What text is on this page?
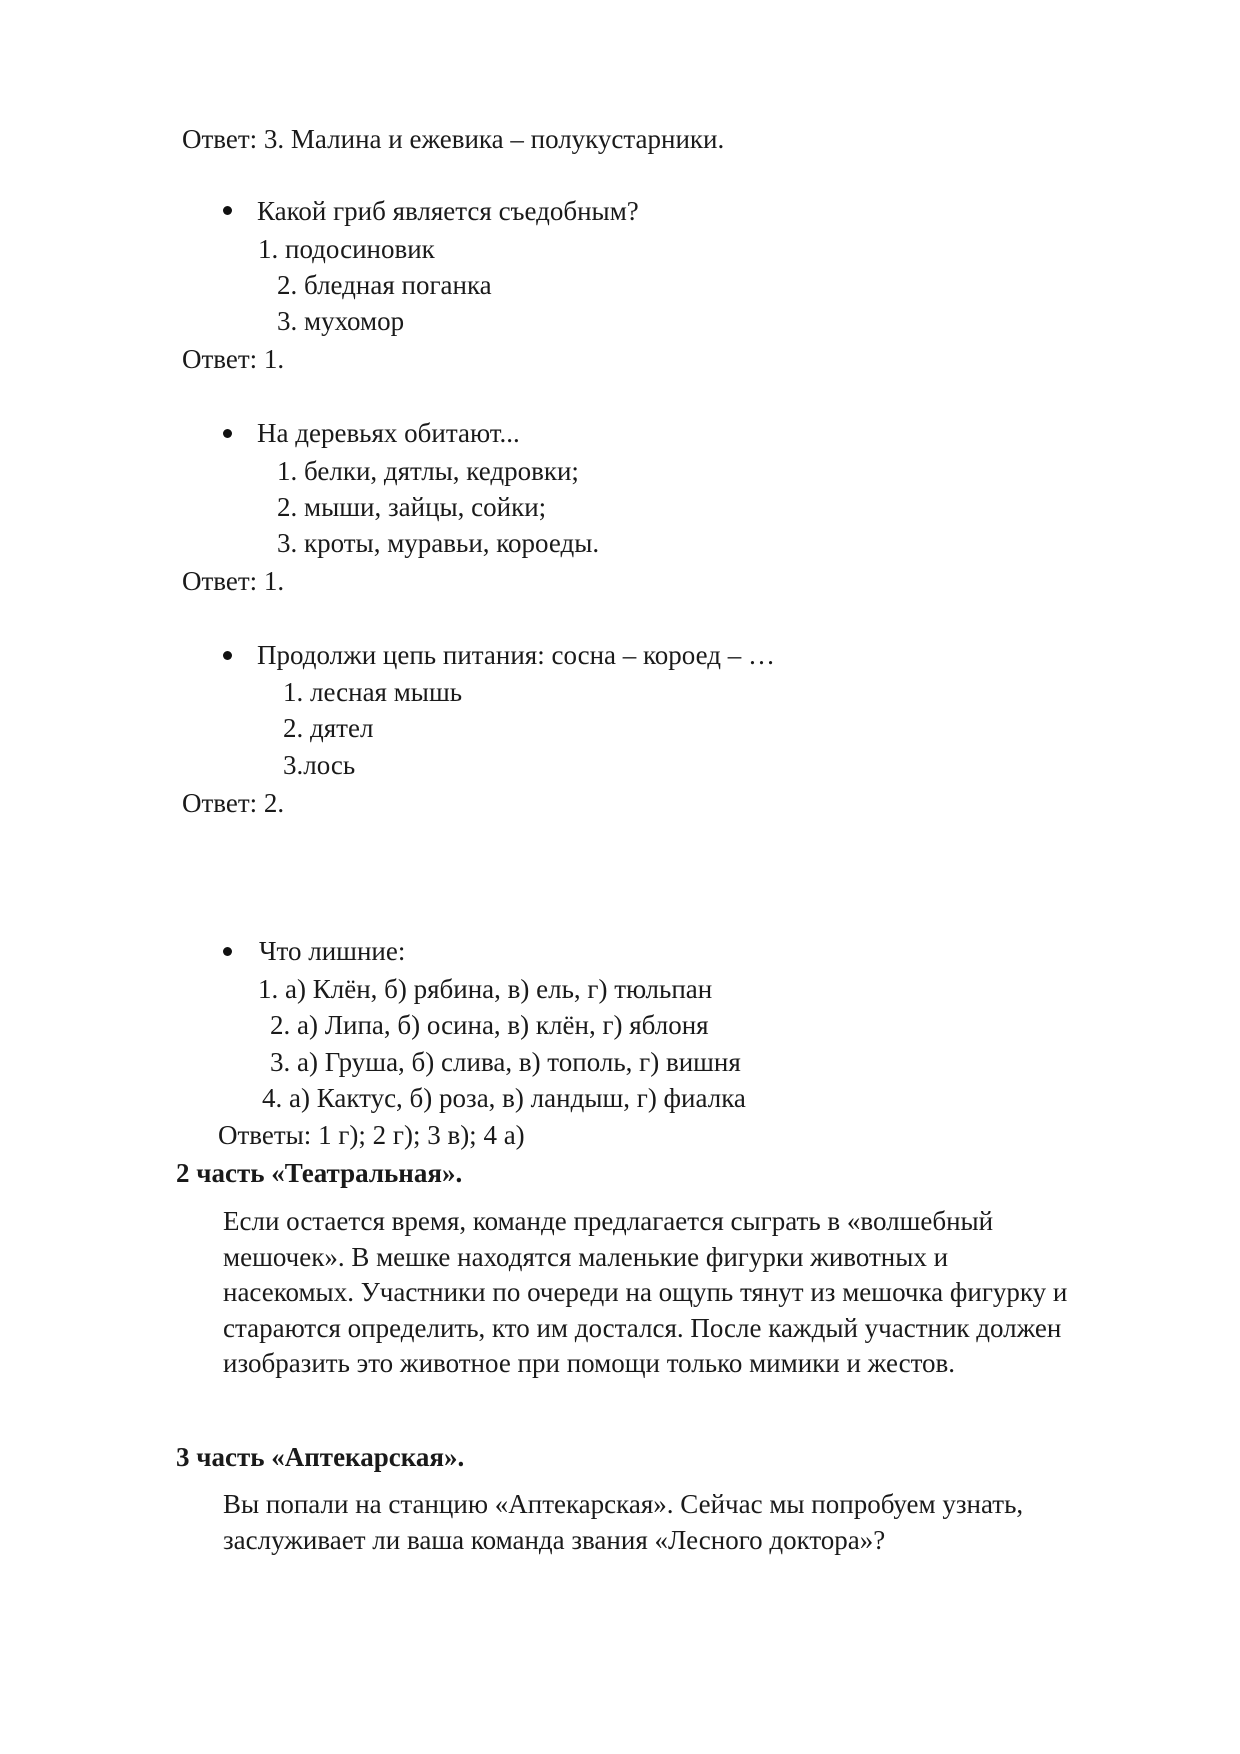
Ответ: 3. Малина и ежевика – полукустарники.
Какой гриб является съедобным?
1. подосиновик
2. бледная поганка
3. мухомор
Ответ: 1.
На деревьях обитают...
1. белки, дятлы, кедровки;
2. мыши, зайцы, сойки;
3. кроты, муравьи, короеды.
Ответ: 1.
Продолжи цепь питания: сосна – короед – …
1. лесная мышь
2. дятел
3.лось
Ответ: 2.
Что лишние:
1. а) Клён, б) рябина, в) ель, г) тюльпан
2. а) Липа, б) осина, в) клён, г) яблоня
3. а) Груша, б) слива, в) тополь, г) вишня
4. а) Кактус, б) роза, в) ландыш, г) фиалка
Ответы: 1 г); 2 г); 3 в); 4 а)
2 часть «Театральная».
Если остается время, команде предлагается сыграть в «волшебный
мешочек». В мешке находятся маленькие фигурки животных и
насекомых. Участники по очереди на ощупь тянут из мешочка фигурку и
стараются определить, кто им достался. После каждый участник должен
изобразить это животное при помощи только мимики и жестов.
3 часть «Аптекарская».
Вы попали на станцию «Аптекарская». Сейчас мы попробуем узнать,
заслуживает ли ваша команда звания «Лесного доктора»?
